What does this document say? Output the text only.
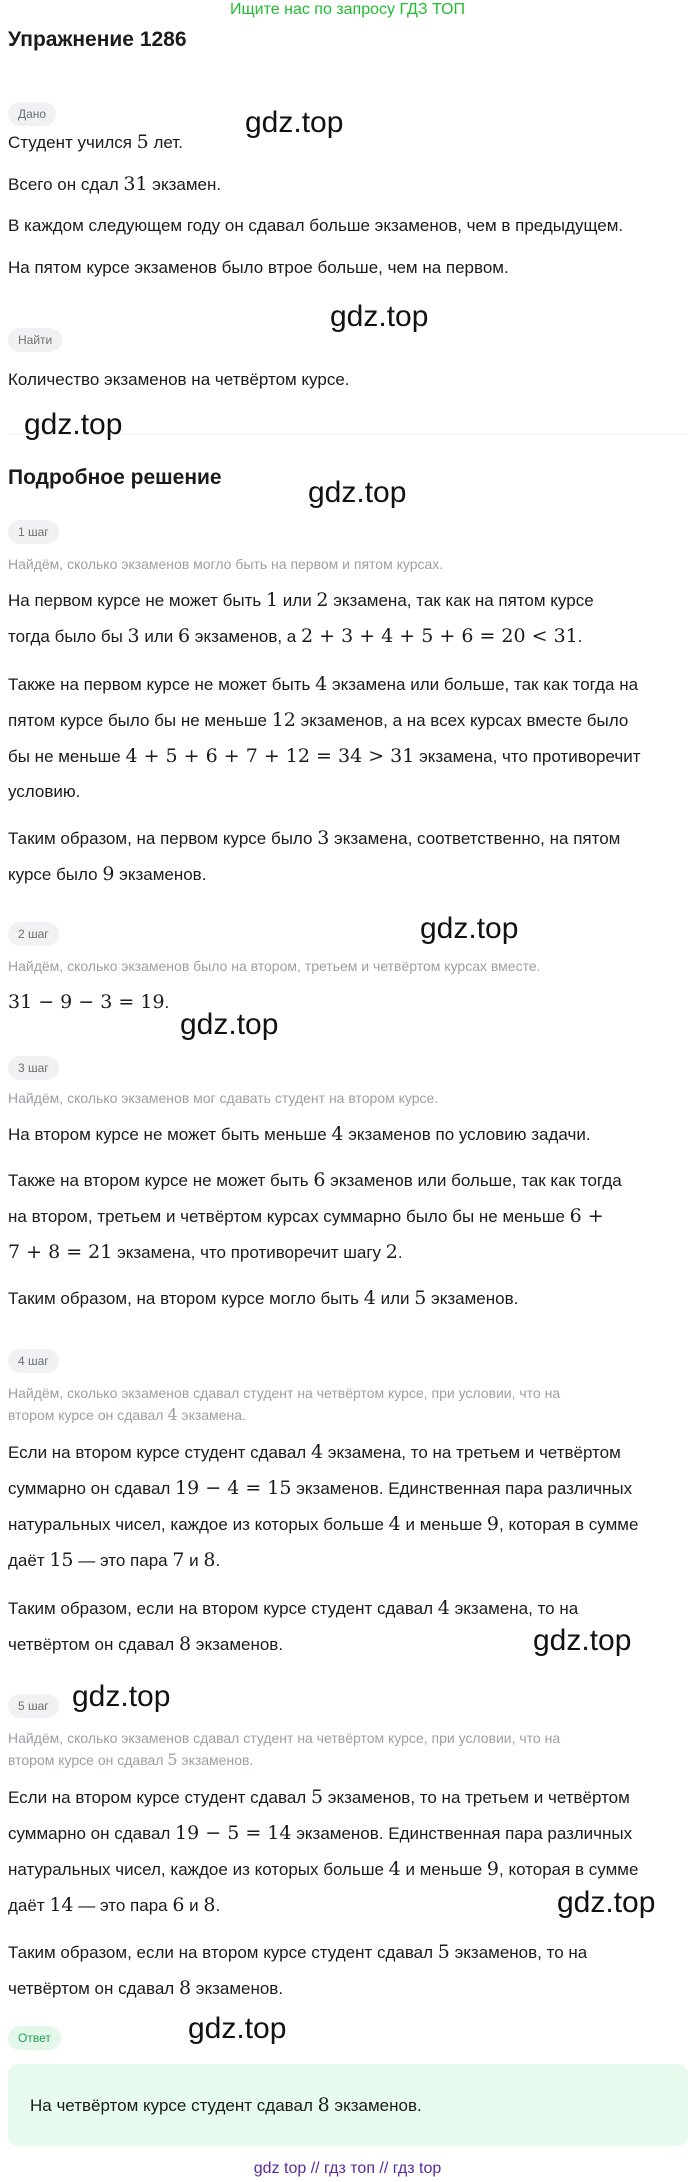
Ищите нас по запросу ГДЗ ТОП
Упражнение 1286
Дано
Студент учился 5 лет.
Всего он сдал 31 экзамен.
В каждом следующем году он сдавал больше экзаменов, чем в предыдущем.
На пятом курсе экзаменов было втрое больше, чем на первом.
Найти
Количество экзаменов на четвёртом курсе.
Подробное решение
1 шаг
Найдём, сколько экзаменов могло быть на первом и пятом курсах.
На первом курсе не может быть 1 или 2 экзамена, так как на пятом курсе
тогда было бы 3 или 6 экзаменов, а 2 + 3 + 4 + 5 + 6 = 20 < 31.
Также на первом курсе не может быть 4 экзамена или больше, так как тогда на
пятом курсе было бы не меньше 12 экзаменов, а на всех курсах вместе было
бы не меньше 4 + 5 + 6 + 7 + 12 = 34 > 31 экзамена, что противоречит
условию.
Таким образом, на первом курсе было 3 экзамена, соответственно, на пятом
курсе было 9 экзаменов.
2 шаг
Найдём, сколько экзаменов было на втором, третьем и четвёртом курсах вместе.
31 − 9 − 3 = 19.
3 шаг
Найдём, сколько экзаменов мог сдавать студент на втором курсе.
На втором курсе не может быть меньше 4 экзаменов по условию задачи.
Также на втором курсе не может быть 6 экзаменов или больше, так как тогда
на втором, третьем и четвёртом курсах суммарно было бы не меньше 6 +
7 + 8 = 21 экзамена, что противоречит шагу 2.
Таким образом, на втором курсе могло быть 4 или 5 экзаменов.
4 шаг
Найдём, сколько экзаменов сдавал студент на четвёртом курсе, при условии, что на
втором курсе он сдавал 4 экзамена.
Если на втором курсе студент сдавал 4 экзамена, то на третьем и четвёртом
суммарно он сдавал 19 − 4 = 15 экзаменов. Единственная пара различных
натуральных чисел, каждое из которых больше 4 и меньше 9, которая в сумме
даёт 15 — это пара 7 и 8.
Таким образом, если на втором курсе студент сдавал 4 экзамена, то на
четвёртом он сдавал 8 экзаменов.
5 шаг
Найдём, сколько экзаменов сдавал студент на четвёртом курсе, при условии, что на
втором курсе он сдавал 5 экзаменов.
Если на втором курсе студент сдавал 5 экзаменов, то на третьем и четвёртом
суммарно он сдавал 19 − 5 = 14 экзаменов. Единственная пара различных
натуральных чисел, каждое из которых больше 4 и меньше 9, которая в сумме
даёт 14 — это пара 6 и 8.
Таким образом, если на втором курсе студент сдавал 5 экзаменов, то на
четвёртом он сдавал 8 экзаменов.
Ответ
На четвёртом курсе студент сдавал 8 экзаменов.
gdz.top
gdz.top
gdz.top
gdz.top
gdz.top
gdz.top
gdz.top
gdz.top
gdz.top
gdz.top
gdz top // гдз топ // гдз top
